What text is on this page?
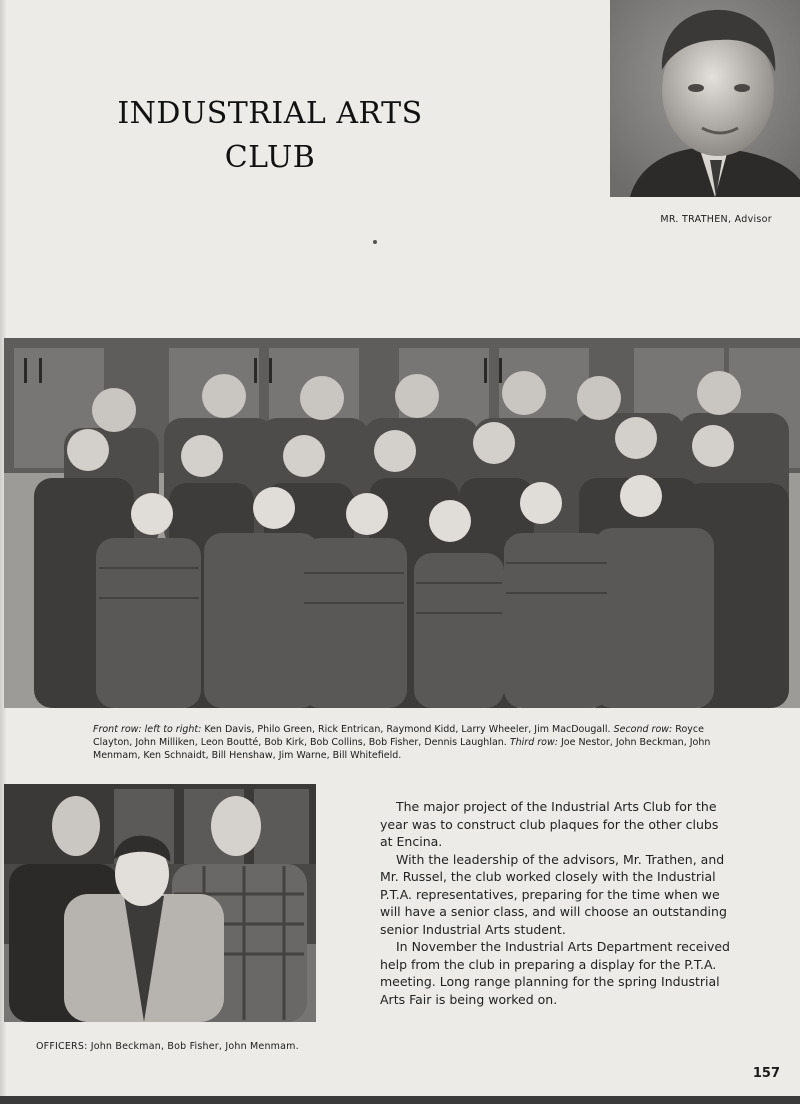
INDUSTRIAL ARTS
CLUB
MR. TRATHEN, Advisor
Front row: left to right: Ken Davis, Philo Green, Rick Entrican, Raymond Kidd, Larry Wheeler, Jim MacDougall. Second row: Royce Clayton, John Milliken, Leon Boutté, Bob Kirk, Bob Collins, Bob Fisher, Dennis Laughlan. Third row: Joe Nestor, John Beckman, John Menmam, Ken Schnaidt, Bill Henshaw, Jim Warne, Bill Whitefield.
OFFICERS: John Beckman, Bob Fisher, John Menmam.

The major project of the Industrial Arts Club for the year was to construct club plaques for the other clubs at Encina.

With the leadership of the advisors, Mr. Trathen, and Mr. Russel, the club worked closely with the Industrial P.T.A. representatives, preparing for the time when we will have a senior class, and will choose an outstanding senior Industrial Arts student.

In November the Industrial Arts Department received help from the club in preparing a display for the P.T.A. meeting. Long range planning for the spring Industrial Arts Fair is being worked on.

157
